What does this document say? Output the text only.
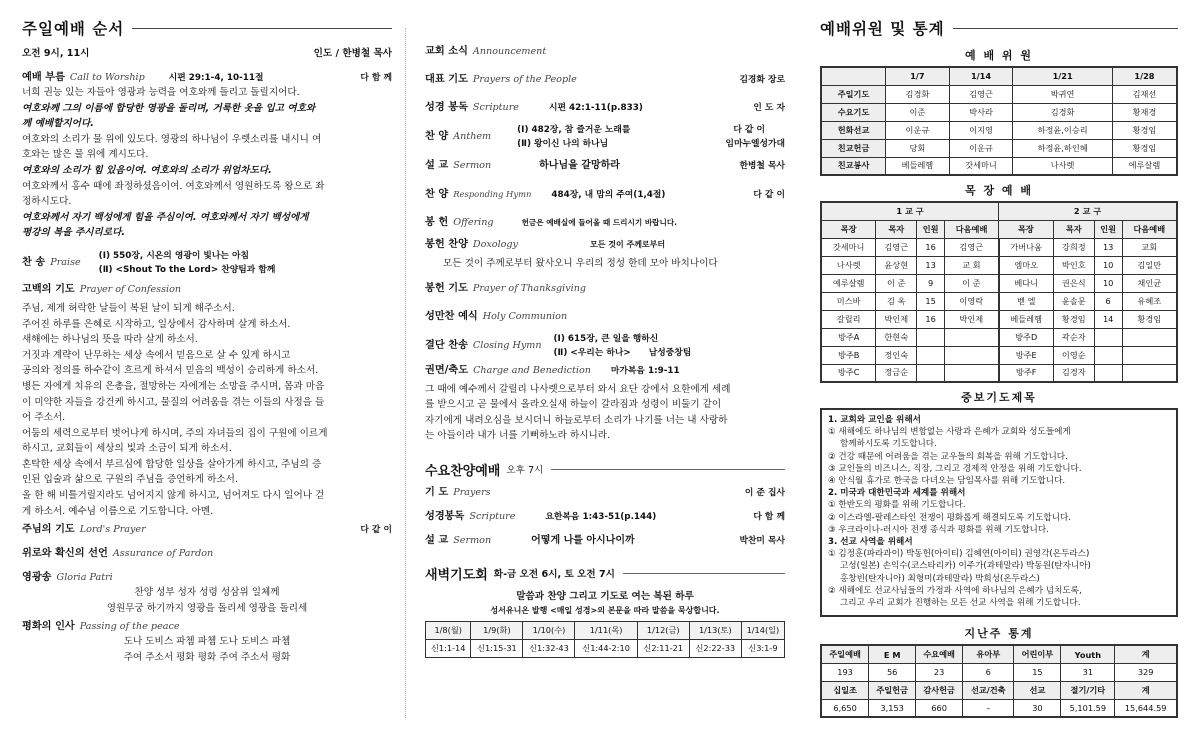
주일예배 순서
오전 9시, 11시	인도 / 한병철 목사
예배 부름 Call to Worship	시편 29:1-4, 10-11절	다 함 께
너희 권능 있는 자들아 영광과 능력을 여호와께 돌리고 돌릴지어다.
여호와께 그의 이름에 합당한 영광을 돌리며, 거룩한 옷을 입고 여호와
께 예배할지어다.
여호와의 소리가 물 위에 있도다. 영광의 하나님이 우렛소리를 내시니 여
호와는 많은 물 위에 계시도다.
여호와의 소리가 힘 있음이여. 여호와의 소리가 위엄차도다.
여호와께서 홍수 때에 좌정하셨음이여. 여호와께서 영원하도록 왕으로 좌
정하시도다.
여호와께서 자기 백성에게 힘을 주심이여. 여호와께서 자기 백성에게
평강의 복을 주시리로다.
찬 송 Praise
(Ⅰ) 550장, 시온의 영광이 빛나는 아침
(Ⅱ) <Shout To the Lord> 찬양팀과 함께
고백의 기도 Prayer of Confession
주님, 제게 허락한 날들이 복된 날이 되게 해주소서.
주어진 하루를 은혜로 시작하고, 일상에서 감사하며 살게 하소서.
새해에는 하나님의 뜻을 따라 살게 하소서.
거짓과 계략이 난무하는 세상 속에서 믿음으로 살 수 있게 하시고
공의와 정의를 하수같이 흐르게 하셔서 믿음의 백성이 승리하게 하소서.
병든 자에게 치유의 은총을, 절망하는 자에게는 소망을 주시며, 몸과 마음
이 미약한 자들을 강건케 하시고, 물질의 어려움을 겪는 이들의 사정을 들
어 주소서.
어둠의 세력으로부터 벗어나게 하시며, 주의 자녀들의 집이 구원에 이르게
하시고, 교회들이 세상의 빛과 소금이 되게 하소서.
혼탁한 세상 속에서 부르심에 합당한 일상을 살아가게 하시고, 주님의 증
인된 입술과 삶으로 구원의 주님을 증언하게 하소서.
올 한 해 비틀거릴지라도 넘어지지 않게 하시고, 넘어져도 다시 일어나 걷
게 하소서. 예수님 이름으로 기도합니다. 아멘.
주님의 기도 Lord's Prayer	다 같 이
위로와 확신의 선언 Assurance of Pardon
영광송 Gloria Patri
찬양 성부 성자 성령 성삼위 일체께
영원무궁 하기까지 영광을 돌리세 영광을 돌리세
평화의 인사 Passing of the peace
도나 도비스 파쳄 파쳄 도나 도비스 파쳄
주여 주소서 평화 평화 주여 주소서 평화
교회 소식 Announcement
대표 기도 Prayers of the People	김경화 장로
성경 봉독 Scripture	시편 42:1-11(p.833)	인 도 자
찬 양 Anthem
(Ⅰ) 482장, 참 즐거운 노래를	다 같 이
(Ⅱ) 왕이신 나의 하나님	임마누엘성가대
설 교 Sermon	하나님을 갈망하라	한병철 목사
찬 양 Responding Hymn 484장, 내 맘의 주여(1,4절)	다 같 이
봉 헌 Offering	헌금은 예배실에 들어올 때 드리시기 바랍니다.
봉헌 찬양 Doxology	모든 것이 주께로부터
모든 것이 주께로부터 왔사오니 우리의 정성 한데 모아 바치나이다
봉헌 기도 Prayer of Thanksgiving
성만찬 예식 Holy Communion
결단 찬송 Closing Hymn
(Ⅰ) 615장, 큰 일을 행하신
(Ⅱ) <우리는 하나> 남성중창팀
권면/축도 Charge and Benediction 마가복음 1:9-11
그 때에 예수께서 갈릴리 나사렛으로부터 와서 요단 강에서 요한에게 세례
를 받으시고 곧 물에서 올라오실새 하늘이 갈라짐과 성령이 비둘기 같이
자기에게 내려오심을 보시더니 하늘로부터 소리가 나기를 너는 내 사랑하
는 아들이라 내가 너를 기뻐하노라 하시니라.
수요찬양예배 오후 7시
기 도 Prayers	이 준 집사
성경봉독 Scripture	요한복음 1:43-51(p.144)	다 함 께
설 교 Sermon	어떻게 나를 아시나이까	박찬미 목사
새벽기도회 화-금 오전 6시, 토 오전 7시
말씀과 찬양 그리고 기도로 여는 복된 하루
성서유니온 발행 <매일 성경>의 본문을 따라 말씀을 묵상합니다.
1/8(월)	1/9(화)	1/10(수)	1/11(목)	1/12(금)	1/13(토)	1/14(일)
신1:1-14	신1:15-31	신1:32-43	신1:44-2:10	신2:11-21	신2:22-33	신3:1-9
예배위원 및 통계
예 배 위 원
	1/7	1/14	1/21	1/28
주일기도	김경화	김영근	박귀연	김재선
수요기도	이준	박사라	김경화	황재경
헌화선교	이운규	이지영	하정윤,이승리	황경임
친교헌금	당회	이운규	하정윤,하인혜	황경임
친교봉사	베들레헴	갓세마니	나사렛	에루살렘
목 장 예 배
1 교 구				2 교 구			
목장	목자	인원	다음예배	목장	목자	인원	다음예배
갓세마니	김영근	16	김영근	가버나움	강희정	13	교회
나사렛	윤상현	13	교 회	엠마오	박인호	10	김일만
예루살렘	이 준	9	이 준	베다니	권은식	10	채인균
미스바	김 옥	15	이영락	벧 엘	윤솔문	6	유혜조
갈릴리	박인제	16	박인제	베들레헴	황경임	14	황경임
방주A	한현숙			방주D	곽순자		
방주B	정인숙			방주E	이영순		
방주C	정금순			방주F	김경자		
중보기도제목
1. 교회와 교인을 위해서
① 새해에도 하나님의 변함없는 사랑과 은혜가 교회와 성도들에게
함께하시도록 기도합니다.
② 건강 때문에 어려움을 겪는 교우들의 회복을 위해 기도합니다.
③ 교인들의 비즈니스, 직장, 그리고 경제적 안정을 위해 기도합니다.
④ 안식월 휴가로 한국을 다녀오는 담임목사를 위해 기도합니다.
2. 미국과 대한민국과 세계를 위해서
① 한반도의 평화를 위해 기도합니다.
② 이스라엘-팔레스타인 전쟁이 평화롭게 해결되도록 기도합니다.
③ 우크라이나-러시아 전쟁 종식과 평화를 위해 기도합니다.
3. 선교 사역을 위해서
① 김정훈(파라과이) 박동헌(아이티) 김혜연(아이티) 권영각(온두라스)
고성(일본) 손익수(코스타리카) 이주가(과테말라) 박동원(탄자니아)
홍창빈(탄자니아) 최형미(과테말라) 박희성(온두라스)
② 새해에도 선교사님들의 가정과 사역에 하나님의 은혜가 넘치도록,
그리고 우리 교회가 진행하는 모든 선교 사역을 위해 기도합니다.
지난주 통계
주일예배	E M	수요예배	유아부	어린이부	Youth	계
193	56	23	6	15	31	329
십일조	주일헌금	감사헌금	선교/건축	선교	절기/기타	계
6,650	3,153	660	–	30	5,101.59	15,644.59
